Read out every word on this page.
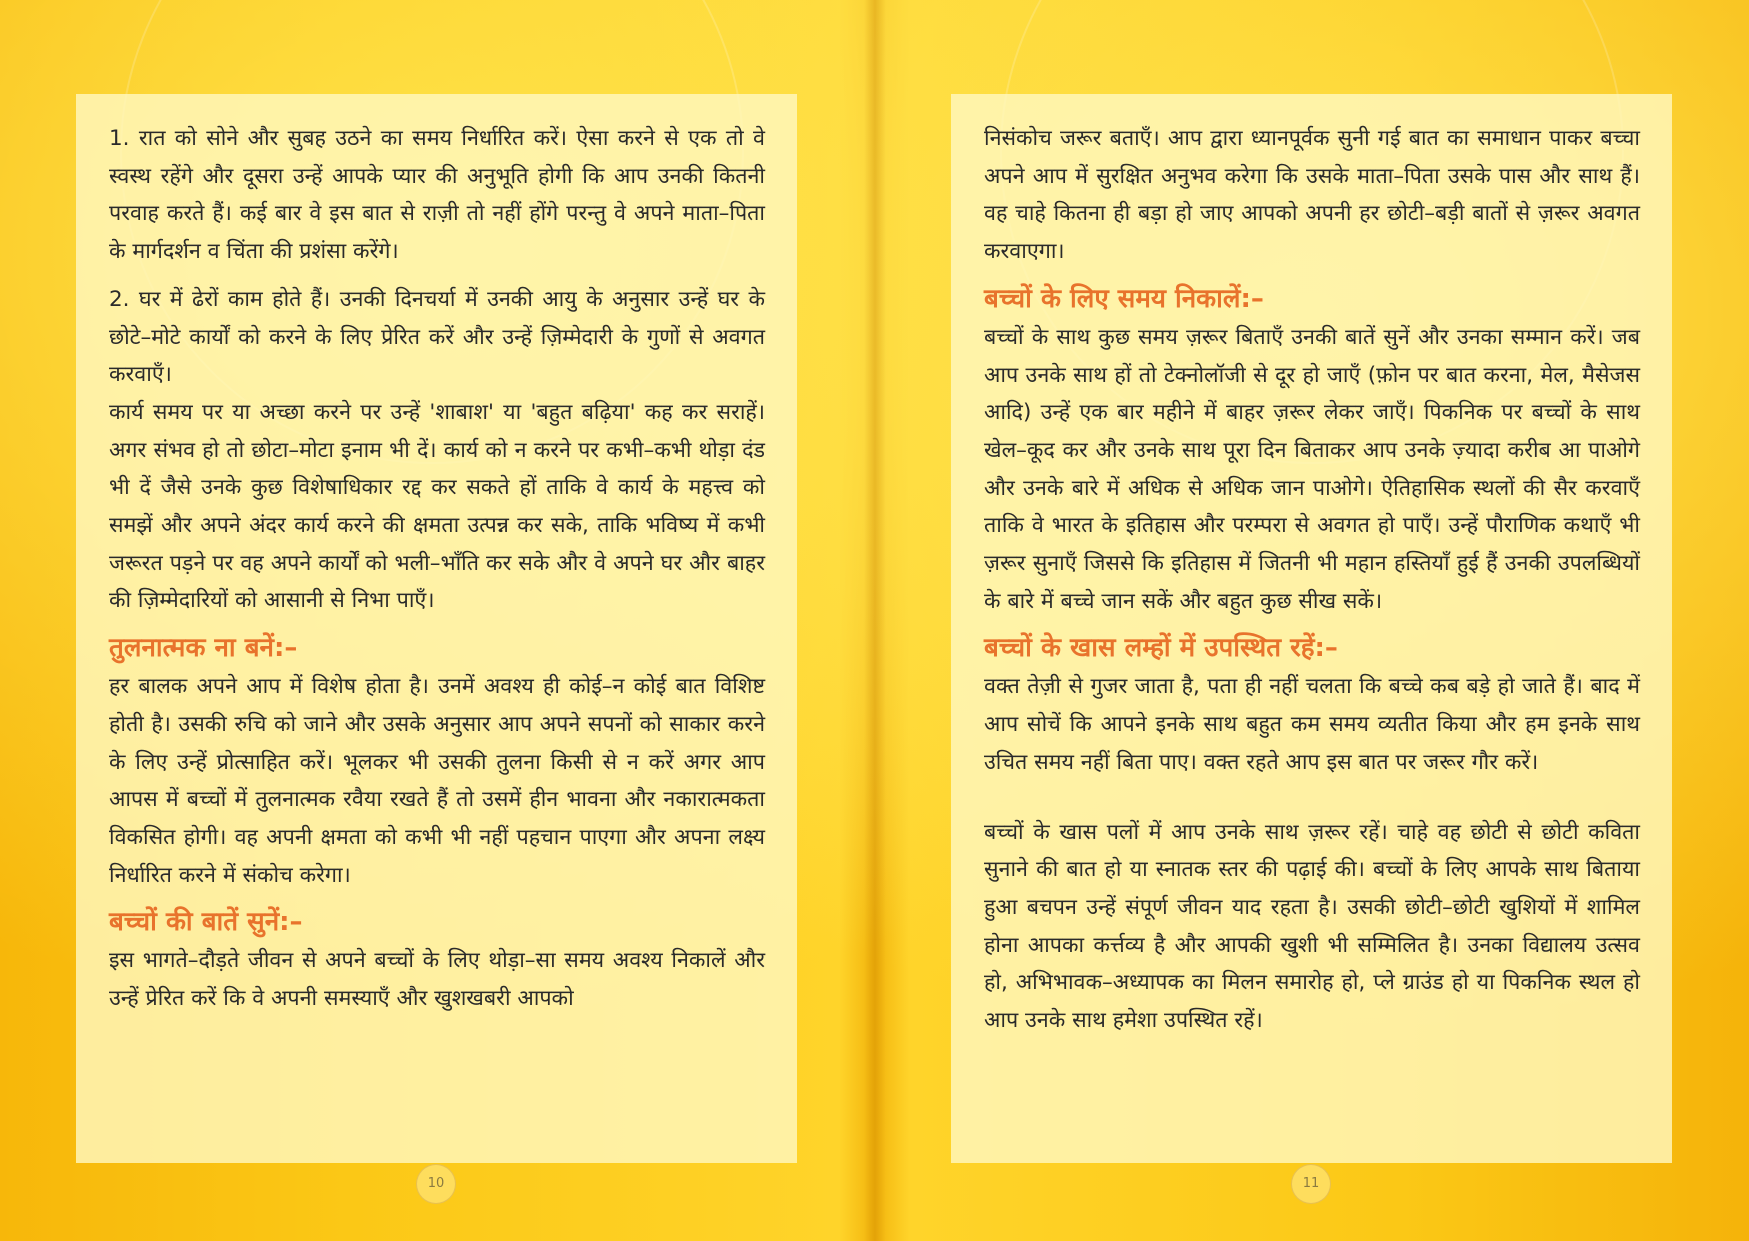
1. रात को सोने और सुबह उठने का समय निर्धारित करें। ऐसा करने से एक तो वे स्वस्थ रहेंगे और दूसरा उन्हें आपके प्यार की अनुभूति होगी कि आप उनकी कितनी परवाह करते हैं। कई बार वे इस बात से राज़ी तो नहीं होंगे परन्तु वे अपने माता–पिता के मार्गदर्शन व चिंता की प्रशंसा करेंगे।

2. घर में ढेरों काम होते हैं। उनकी दिनचर्या में उनकी आयु के अनुसार उन्हें घर के छोटे–मोटे कार्यों को करने के लिए प्रेरित करें और उन्हें ज़िम्मेदारी के गुणों से अवगत करवाएँ।

कार्य समय पर या अच्छा करने पर उन्हें 'शाबाश' या 'बहुत बढ़िया' कह कर सराहें। अगर संभव हो तो छोटा–मोटा इनाम भी दें। कार्य को न करने पर कभी–कभी थोड़ा दंड भी दें जैसे उनके कुछ विशेषाधिकार रद्द कर सकते हों ताकि वे कार्य के महत्त्व को समझें और अपने अंदर कार्य करने की क्षमता उत्पन्न कर सके, ताकि भविष्य में कभी जरूरत पड़ने पर वह अपने कार्यों को भली–भाँति कर सके और वे अपने घर और बाहर की ज़िम्मेदारियों को आसानी से निभा पाएँ।

तुलनात्मक ना बनें:–

हर बालक अपने आप में विशेष होता है। उनमें अवश्य ही कोई–न कोई बात विशिष्ट होती है। उसकी रुचि को जाने और उसके अनुसार आप अपने सपनों को साकार करने के लिए उन्हें प्रोत्साहित करें। भूलकर भी उसकी तुलना किसी से न करें अगर आप आपस में बच्चों में तुलनात्मक रवैया रखते हैं तो उसमें हीन भावना और नकारात्मकता विकसित होगी। वह अपनी क्षमता को कभी भी नहीं पहचान पाएगा और अपना लक्ष्य निर्धारित करने में संकोच करेगा।

बच्चों की बातें सुनें:–

इस भागते–दौड़ते जीवन से अपने बच्चों के लिए थोड़ा–सा समय अवश्य निकालें और उन्हें प्रेरित करें कि वे अपनी समस्याएँ और खुशखबरी आपको

10

निसंकोच जरूर बताएँ। आप द्वारा ध्यानपूर्वक सुनी गई बात का समाधान पाकर बच्चा अपने आप में सुरक्षित अनुभव करेगा कि उसके माता–पिता उसके पास और साथ हैं। वह चाहे कितना ही बड़ा हो जाए आपको अपनी हर छोटी–बड़ी बातों से ज़रूर अवगत करवाएगा।

बच्चों के लिए समय निकालें:–

बच्चों के साथ कुछ समय ज़रूर बिताएँ उनकी बातें सुनें और उनका सम्मान करें। जब आप उनके साथ हों तो टेक्नोलॉजी से दूर हो जाएँ (फ़ोन पर बात करना, मेल, मैसेजस आदि) उन्हें एक बार महीने में बाहर ज़रूर लेकर जाएँ। पिकनिक पर बच्चों के साथ खेल–कूद कर और उनके साथ पूरा दिन बिताकर आप उनके ज़्यादा करीब आ पाओगे और उनके बारे में अधिक से अधिक जान पाओगे। ऐतिहासिक स्थलों की सैर करवाएँ ताकि वे भारत के इतिहास और परम्परा से अवगत हो पाएँ। उन्हें पौराणिक कथाएँ भी ज़रूर सुनाएँ जिससे कि इतिहास में जितनी भी महान हस्तियाँ हुई हैं उनकी उपलब्धियों के बारे में बच्चे जान सकें और बहुत कुछ सीख सकें।

बच्चों के खास लम्हों में उपस्थित रहें:–

वक्त तेज़ी से गुजर जाता है, पता ही नहीं चलता कि बच्चे कब बड़े हो जाते हैं। बाद में आप सोचें कि आपने इनके साथ बहुत कम समय व्यतीत किया और हम इनके साथ उचित समय नहीं बिता पाए। वक्त रहते आप इस बात पर जरूर गौर करें।

बच्चों के खास पलों में आप उनके साथ ज़रूर रहें। चाहे वह छोटी से छोटी कविता सुनाने की बात हो या स्नातक स्तर की पढ़ाई की। बच्चों के लिए आपके साथ बिताया हुआ बचपन उन्हें संपूर्ण जीवन याद रहता है। उसकी छोटी–छोटी खुशियों में शामिल होना आपका कर्त्तव्य है और आपकी खुशी भी सम्मिलित है। उनका विद्यालय उत्सव हो, अभिभावक–अध्यापक का मिलन समारोह हो, प्ले ग्राउंड हो या पिकनिक स्थल हो आप उनके साथ हमेशा उपस्थित रहें।

11
